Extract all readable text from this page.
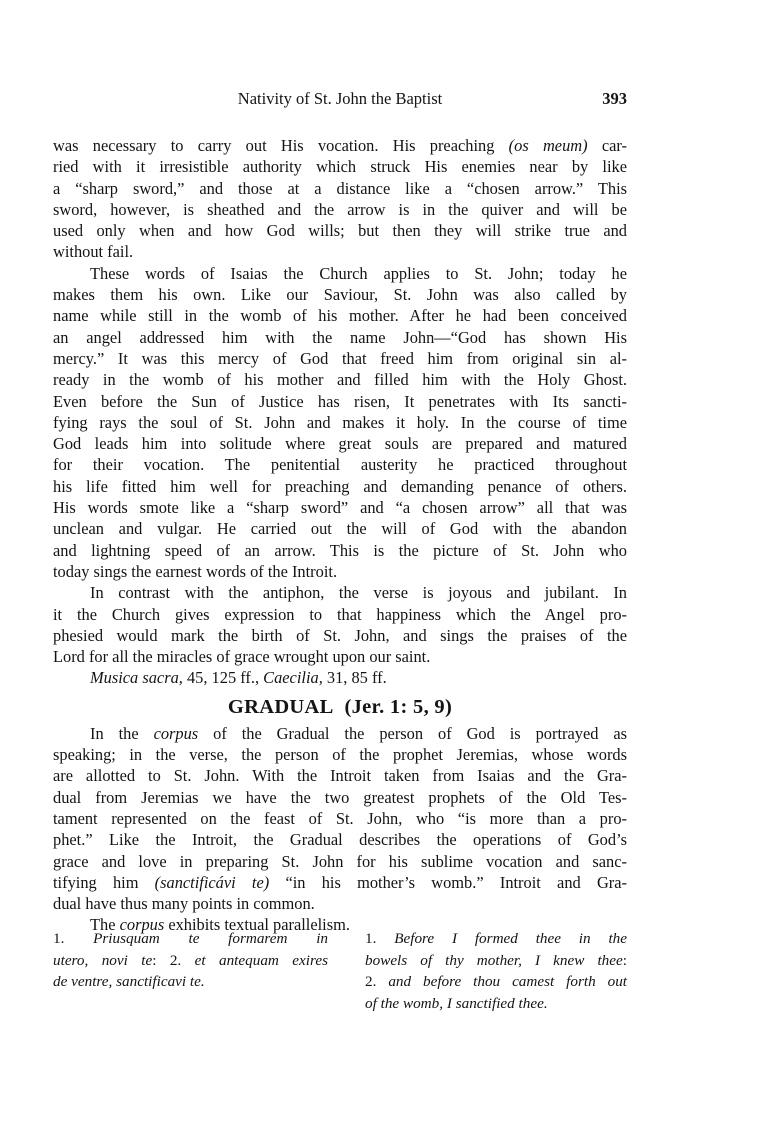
Nativity of St. John the Baptist	393
was necessary to carry out His vocation. His preaching (os meum) car-
ried with it irresistible authority which struck His enemies near by like
a “sharp sword,” and those at a distance like a “chosen arrow.” This
sword, however, is sheathed and the arrow is in the quiver and will be
used only when and how God wills; but then they will strike true and
without fail.
These words of Isaias the Church applies to St. John; today he
makes them his own. Like our Saviour, St. John was also called by
name while still in the womb of his mother. After he had been conceived
an angel addressed him with the name John—“God has shown His
mercy.” It was this mercy of God that freed him from original sin al-
ready in the womb of his mother and filled him with the Holy Ghost.
Even before the Sun of Justice has risen, It penetrates with Its sancti-
fying rays the soul of St. John and makes it holy. In the course of time
God leads him into solitude where great souls are prepared and matured
for their vocation. The penitential austerity he practiced throughout
his life fitted him well for preaching and demanding penance of others.
His words smote like a “sharp sword” and “a chosen arrow” all that was
unclean and vulgar. He carried out the will of God with the abandon
and lightning speed of an arrow. This is the picture of St. John who
today sings the earnest words of the Introit.
In contrast with the antiphon, the verse is joyous and jubilant. In
it the Church gives expression to that happiness which the Angel pro-
phesied would mark the birth of St. John, and sings the praises of the
Lord for all the miracles of grace wrought upon our saint.
Musica sacra, 45, 125 ff., Caecilia, 31, 85 ff.
GRADUAL (Jer. 1: 5, 9)
In the corpus of the Gradual the person of God is portrayed as
speaking; in the verse, the person of the prophet Jeremias, whose words
are allotted to St. John. With the Introit taken from Isaias and the Gra-
dual from Jeremias we have the two greatest prophets of the Old Tes-
tament represented on the feast of St. John, who “is more than a pro-
phet.” Like the Introit, the Gradual describes the operations of God’s
grace and love in preparing St. John for his sublime vocation and sanc-
tifying him (sanctificávi te) “in his mother’s womb.” Introit and Gra-
dual have thus many points in common.
The corpus exhibits textual parallelism.
1. Priusquam te formarem in
utero, novi te: 2. et antequam exires
de ventre, sanctificavi te.
1. Before I formed thee in the
bowels of thy mother, I knew thee:
2. and before thou camest forth out
of the womb, I sanctified thee.
